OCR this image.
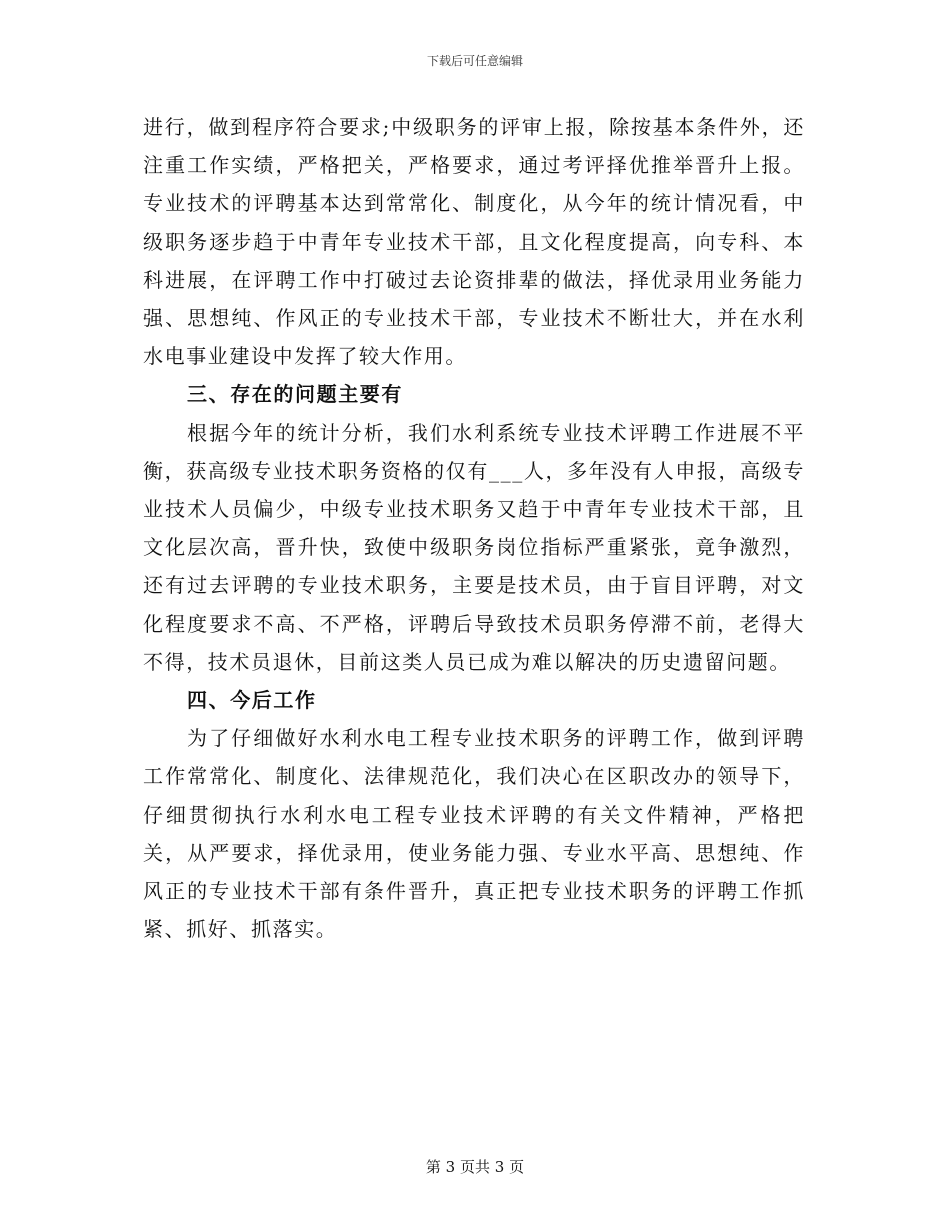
下载后可任意编辑

进行，做到程序符合要求;中级职务的评审上报，除按基本条件外，还注重工作实绩，严格把关，严格要求，通过考评择优推举晋升上报。专业技术的评聘基本达到常常化、制度化，从今年的统计情况看，中级职务逐步趋于中青年专业技术干部，且文化程度提高，向专科、本科进展，在评聘工作中打破过去论资排辈的做法，择优录用业务能力强、思想纯、作风正的专业技术干部，专业技术不断壮大，并在水利水电事业建设中发挥了较大作用。

三、存在的问题主要有

根据今年的统计分析，我们水利系统专业技术评聘工作进展不平衡，获高级专业技术职务资格的仅有___人，多年没有人申报，高级专业技术人员偏少，中级专业技术职务又趋于中青年专业技术干部，且文化层次高，晋升快，致使中级职务岗位指标严重紧张，竟争激烈，还有过去评聘的专业技术职务，主要是技术员，由于盲目评聘，对文化程度要求不高、不严格，评聘后导致技术员职务停滞不前，老得大不得，技术员退休，目前这类人员已成为难以解决的历史遗留问题。

四、今后工作

为了仔细做好水利水电工程专业技术职务的评聘工作，做到评聘工作常常化、制度化、法律规范化，我们决心在区职改办的领导下，仔细贯彻执行水利水电工程专业技术评聘的有关文件精神，严格把关，从严要求，择优录用，使业务能力强、专业水平高、思想纯、作风正的专业技术干部有条件晋升，真正把专业技术职务的评聘工作抓紧、抓好、抓落实。

第 3 页共 3 页
